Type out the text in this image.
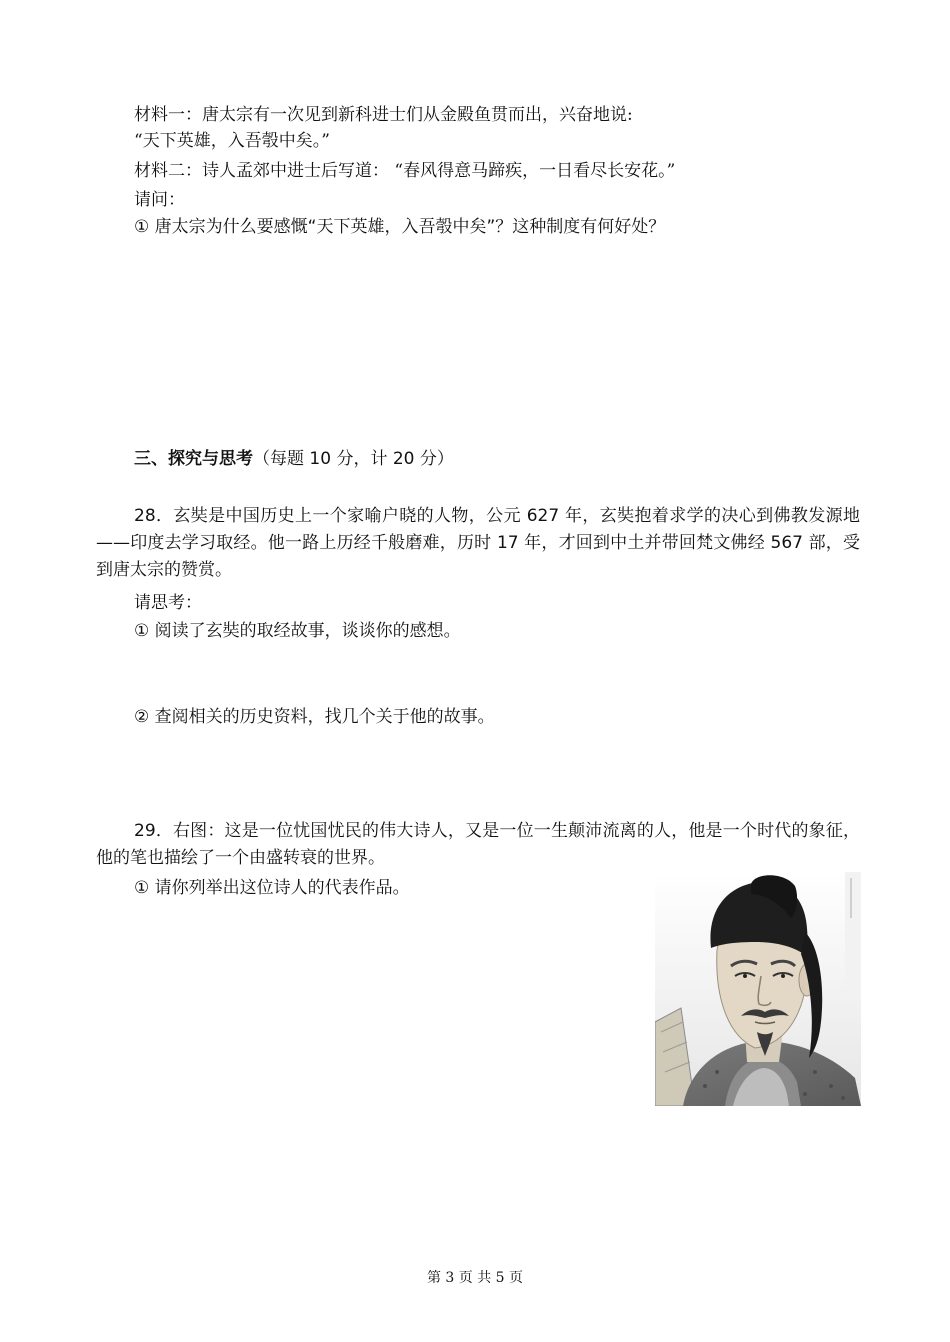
材料一：唐太宗有一次见到新科进士们从金殿鱼贯而出，兴奋地说:
“天下英雄，入吾彀中矣。”
材料二：诗人孟郊中进士后写道： “春风得意马蹄疾，一日看尽长安花。”
请问：
① 唐太宗为什么要感慨“天下英雄，入吾彀中矣”？这种制度有何好处？
三、探究与思考（每题 10 分，计 20 分）
28．玄奘是中国历史上一个家喻户晓的人物，公元 627 年，玄奘抱着求学的决心到佛教发源地——印度去学习取经。他一路上历经千般磨难，历时 17 年，才回到中土并带回梵文佛经 567 部，受到唐太宗的赞赏。
请思考：
① 阅读了玄奘的取经故事，谈谈你的感想。
② 查阅相关的历史资料，找几个关于他的故事。
29．右图：这是一位忧国忧民的伟大诗人，又是一位一生颠沛流离的人，他是一个时代的象征，他的笔也描绘了一个由盛转衰的世界。
① 请你列举出这位诗人的代表作品。
第 3 页 共 5 页
